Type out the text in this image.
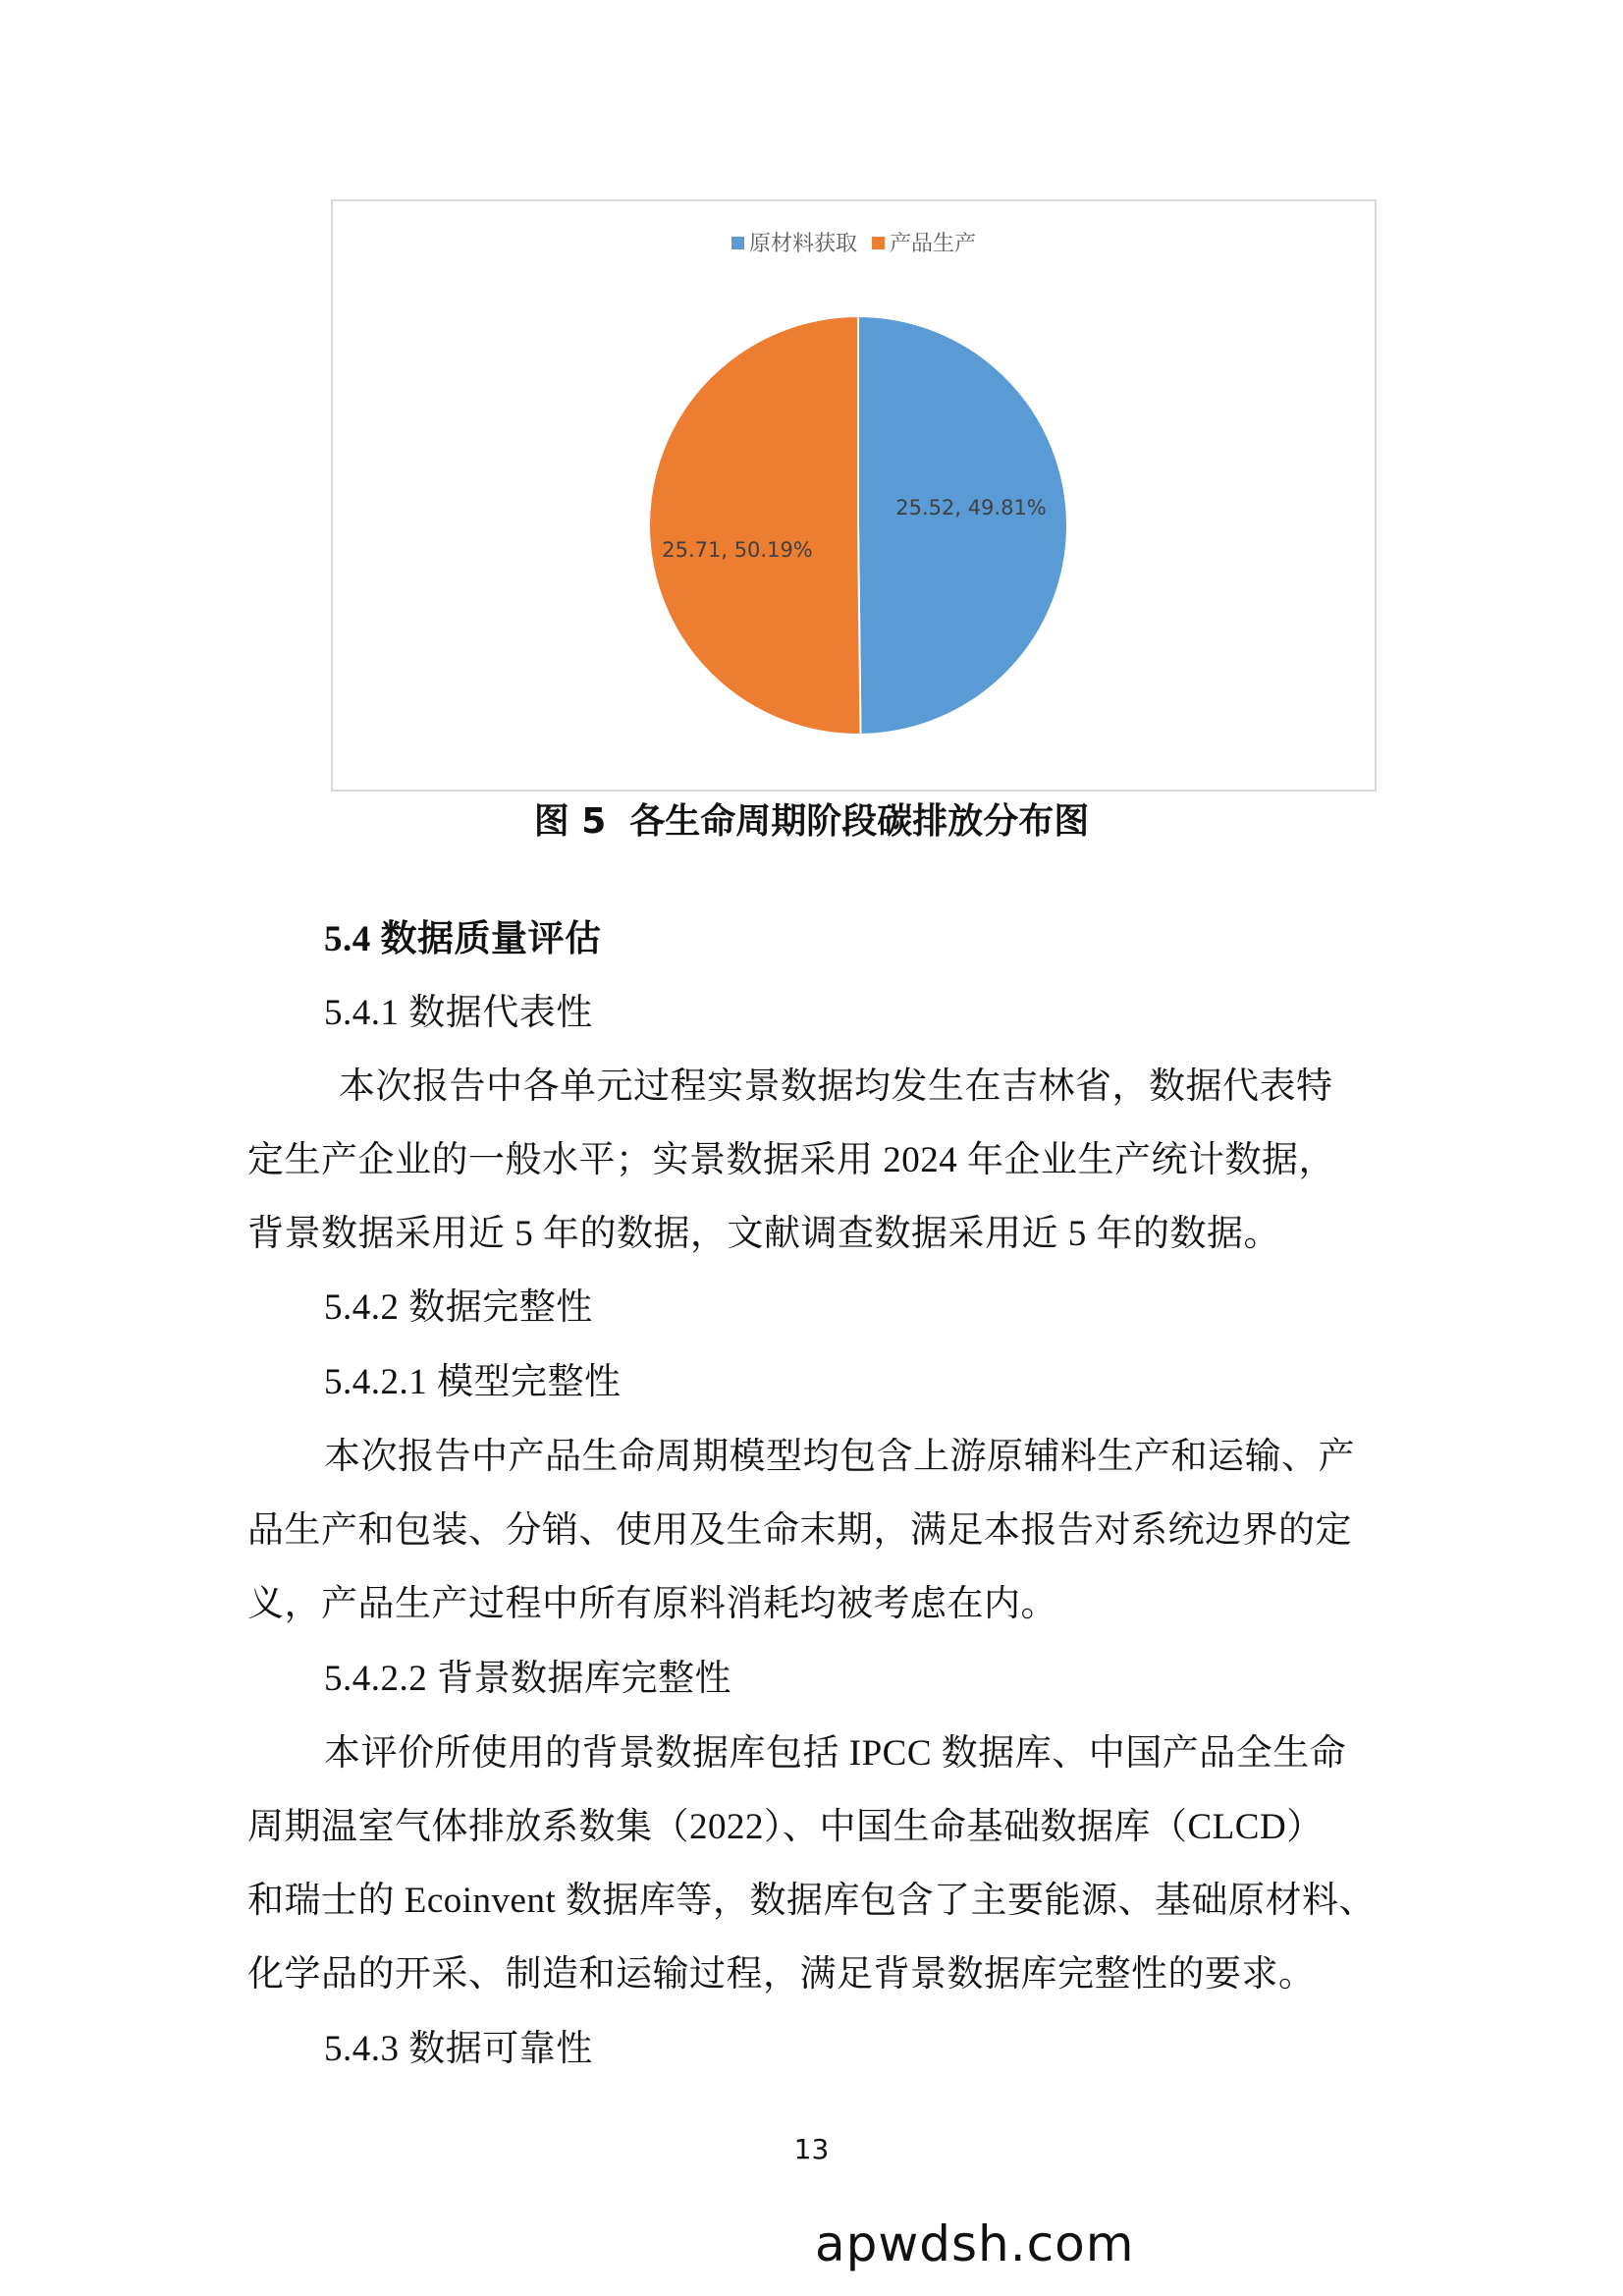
原材料获取 产品生产
25.52, 49.81%
25.71, 50.19%
图 5 各生命周期阶段碳排放分布图
5.4 数据质量评估
5.4.1 数据代表性
本次报告中各单元过程实景数据均发生在吉林省，数据代表特
定生产企业的一般水平；实景数据采用 2024 年企业生产统计数据，
背景数据采用近 5 年的数据，文献调查数据采用近 5 年的数据。
5.4.2 数据完整性
5.4.2.1 模型完整性
本次报告中产品生命周期模型均包含上游原辅料生产和运输、产
品生产和包装、分销、使用及生命末期，满足本报告对系统边界的定
义，产品生产过程中所有原料消耗均被考虑在内。
5.4.2.2 背景数据库完整性
本评价所使用的背景数据库包括 IPCC 数据库、中国产品全生命
周期温室气体排放系数集（2022）、中国生命基础数据库（CLCD）
和瑞士的 Ecoinvent 数据库等，数据库包含了主要能源、基础原材料、
化学品的开采、制造和运输过程，满足背景数据库完整性的要求。
5.4.3 数据可靠性
13
apwdsh.com
